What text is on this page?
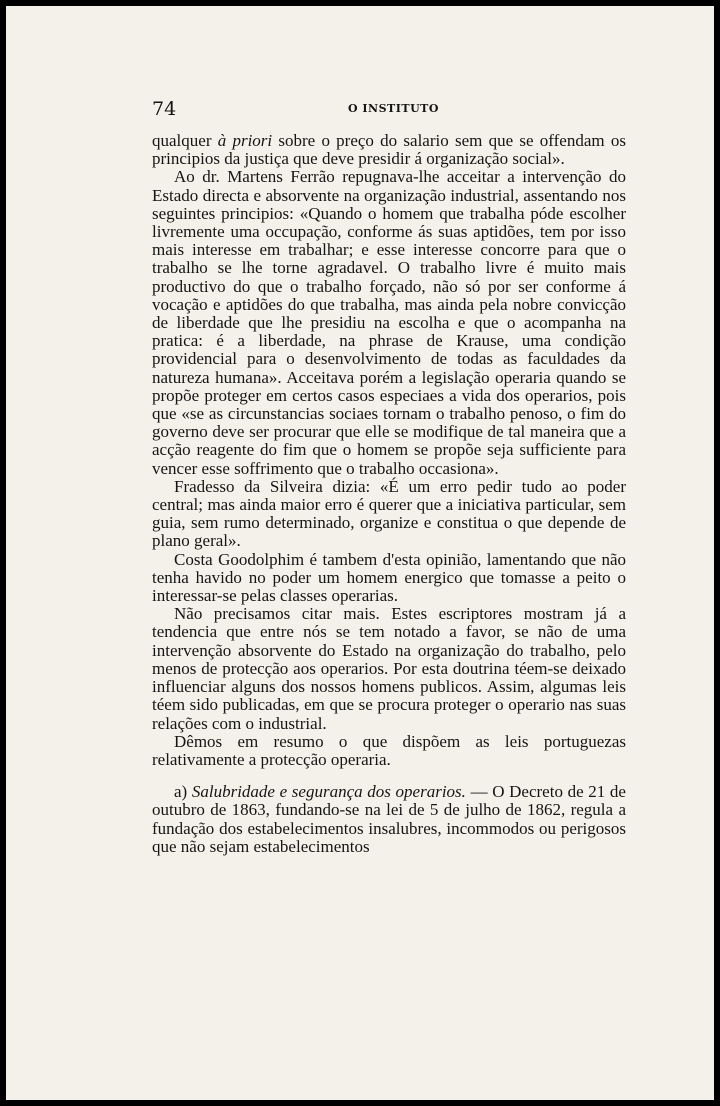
74	O INSTITUTO

qualquer à priori sobre o preço do salario sem que se offendam os principios da justiça que deve presidir á organização social».

Ao dr. Martens Ferrão repugnava-lhe acceitar a intervenção do Estado directa e absorvente na organização industrial, assentando nos seguintes principios: «Quando o homem que trabalha póde escolher livremente uma occupação, conforme ás suas aptidões, tem por isso mais interesse em trabalhar; e esse interesse concorre para que o trabalho se lhe torne agradavel. O trabalho livre é muito mais productivo do que o trabalho forçado, não só por ser conforme á vocação e aptidões do que trabalha, mas ainda pela nobre convicção de liberdade que lhe presidiu na escolha e que o acompanha na pratica: é a liberdade, na phrase de Krause, uma condição providencial para o desenvolvimento de todas as faculdades da natureza humana». Acceitava porém a legislação operaria quando se propõe proteger em certos casos especiaes a vida dos operarios, pois que «se as circunstancias sociaes tornam o trabalho penoso, o fim do governo deve ser procurar que elle se modifique de tal maneira que a acção reagente do fim que o homem se propõe seja sufficiente para vencer esse soffrimento que o trabalho occasiona».

Fradesso da Silveira dizia: «É um erro pedir tudo ao poder central; mas ainda maior erro é querer que a iniciativa particular, sem guia, sem rumo determinado, organize e constitua o que depende de plano geral».

Costa Goodolphim é tambem d'esta opinião, lamentando que não tenha havido no poder um homem energico que tomasse a peito o interessar-se pelas classes operarias.

Não precisamos citar mais. Estes escriptores mostram já a tendencia que entre nós se tem notado a favor, se não de uma intervenção absorvente do Estado na organização do trabalho, pelo menos de protecção aos operarios. Por esta doutrina téem-se deixado influenciar alguns dos nossos homens publicos. Assim, algumas leis téem sido publicadas, em que se procura proteger o operario nas suas relações com o industrial.

Dêmos em resumo o que dispõem as leis portuguezas relativamente a protecção operaria.

a) Salubridade e segurança dos operarios. — O Decreto de 21 de outubro de 1863, fundando-se na lei de 5 de julho de 1862, regula a fundação dos estabelecimentos insalubres, incommodos ou perigosos que não sejam estabelecimentos
